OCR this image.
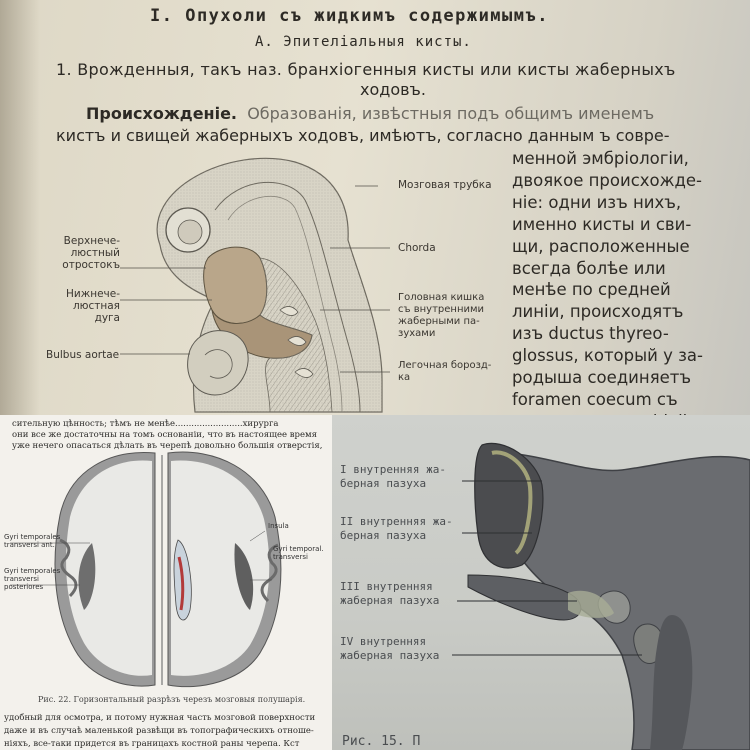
I. Опухоли съ жидкимъ содержимымъ.
А. Эпителіальныя кисты.
1. Врожденныя, такъ наз. бранхіогенныя кисты или кисты жаберныхъ
ходовъ.
Происхожденіе. Образованія, извѣстныя подъ общимъ именемъ
кистъ и свищей жаберныхъ ходовъ, имѣютъ, согласно данным ъ совре-
Верхнече-
люстный
отростокъ
Нижнече-
люстная
дуга
Bulbus aortae
Мозговая трубка
Chorda
Головная кишка
съ внутренними
жаберными па-
зухами
Легочная борозд-
ка
менной эмбріологіи,
двоякое происхожде-
ніе: одни изъ нихъ,
именно кисты и сви-
щи, расположенные
всегда болѣе или
менѣе по средней
линіи, происходятъ
изъ ductus thyreo-
glossus, который у за-
родыша соединяетъ
foramen coecum съ
сительную цѣнность; тѣмъ не менѣе.........................хирурга
они все же достаточны на томъ основаніи, что въ настоящее время
уже нечего опасаться дѣлать въ черепѣ довольно большія отверстія,
Gyri temporales
transversi ant.
Gyri temporales
transversi
posteriores
Insula
Gyri temporal.
transversi
Рис. 22. Горизонтальный разрѣзъ черезъ мозговыя полушарія.
удобный для осмотра, и потому нужная часть мозговой поверхности
даже и въ случаѣ маленькой развѣщи въ топографическихъ отноше-
ніяхъ, все-таки придется въ границахъ костной раны черепа. Кст
I внутренняя жа-
берная пазуха
II внутренняя жа-
берная пазуха
III внутренняя
жаберная пазуха
IV внутренняя
жаберная пазуха
Рис. 15. П
